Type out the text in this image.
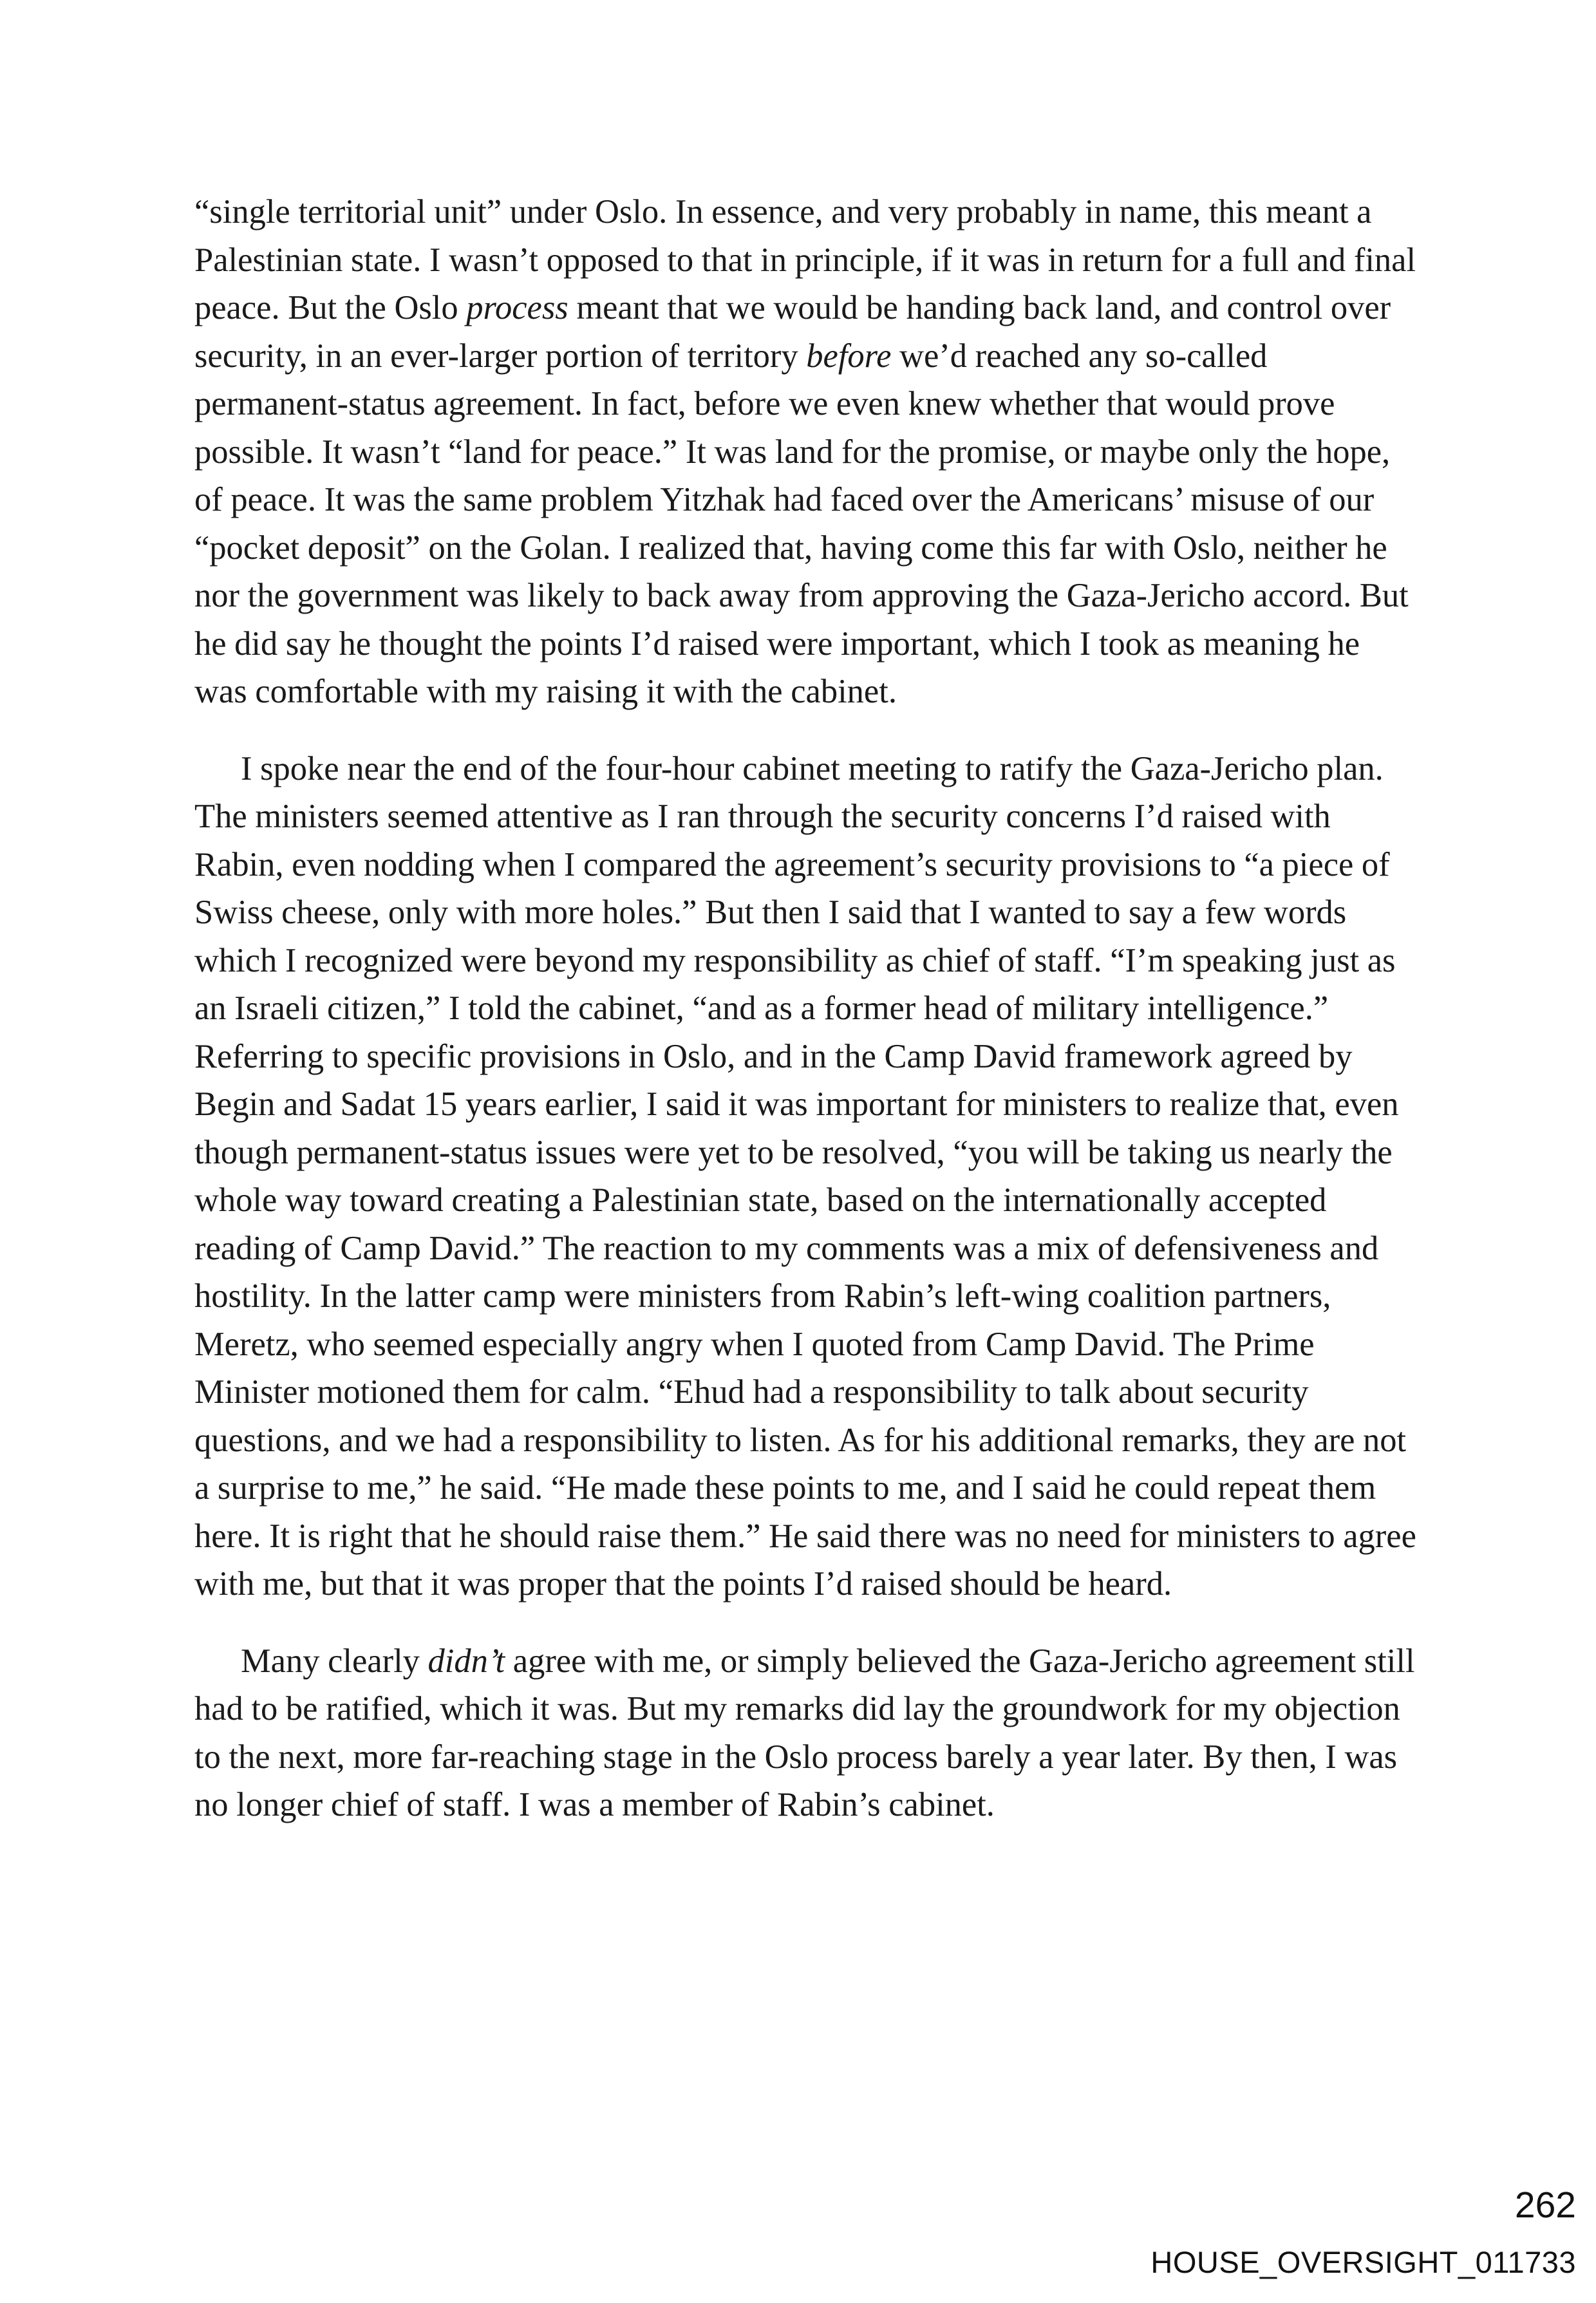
“single territorial unit” under Oslo. In essence, and very probably in name, this meant a Palestinian state. I wasn’t opposed to that in principle, if it was in return for a full and final peace. But the Oslo process meant that we would be handing back land, and control over security, in an ever-larger portion of territory before we’d reached any so-called permanent-status agreement. In fact, before we even knew whether that would prove possible. It wasn’t “land for peace.” It was land for the promise, or maybe only the hope, of peace. It was the same problem Yitzhak had faced over the Americans’ misuse of our “pocket deposit” on the Golan. I realized that, having come this far with Oslo, neither he nor the government was likely to back away from approving the Gaza-Jericho accord. But he did say he thought the points I’d raised were important, which I took as meaning he was comfortable with my raising it with the cabinet.

I spoke near the end of the four-hour cabinet meeting to ratify the Gaza-Jericho plan. The ministers seemed attentive as I ran through the security concerns I’d raised with Rabin, even nodding when I compared the agreement’s security provisions to “a piece of Swiss cheese, only with more holes.” But then I said that I wanted to say a few words which I recognized were beyond my responsibility as chief of staff. “I’m speaking just as an Israeli citizen,” I told the cabinet, “and as a former head of military intelligence.” Referring to specific provisions in Oslo, and in the Camp David framework agreed by Begin and Sadat 15 years earlier, I said it was important for ministers to realize that, even though permanent-status issues were yet to be resolved, “you will be taking us nearly the whole way toward creating a Palestinian state, based on the internationally accepted reading of Camp David.” The reaction to my comments was a mix of defensiveness and hostility. In the latter camp were ministers from Rabin’s left-wing coalition partners, Meretz, who seemed especially angry when I quoted from Camp David. The Prime Minister motioned them for calm. “Ehud had a responsibility to talk about security questions, and we had a responsibility to listen. As for his additional remarks, they are not a surprise to me,” he said. “He made these points to me, and I said he could repeat them here. It is right that he should raise them.” He said there was no need for ministers to agree with me, but that it was proper that the points I’d raised should be heard.

Many clearly didn’t agree with me, or simply believed the Gaza-Jericho agreement still had to be ratified, which it was. But my remarks did lay the groundwork for my objection to the next, more far-reaching stage in the Oslo process barely a year later. By then, I was no longer chief of staff. I was a member of Rabin’s cabinet.

262

HOUSE_OVERSIGHT_011733
